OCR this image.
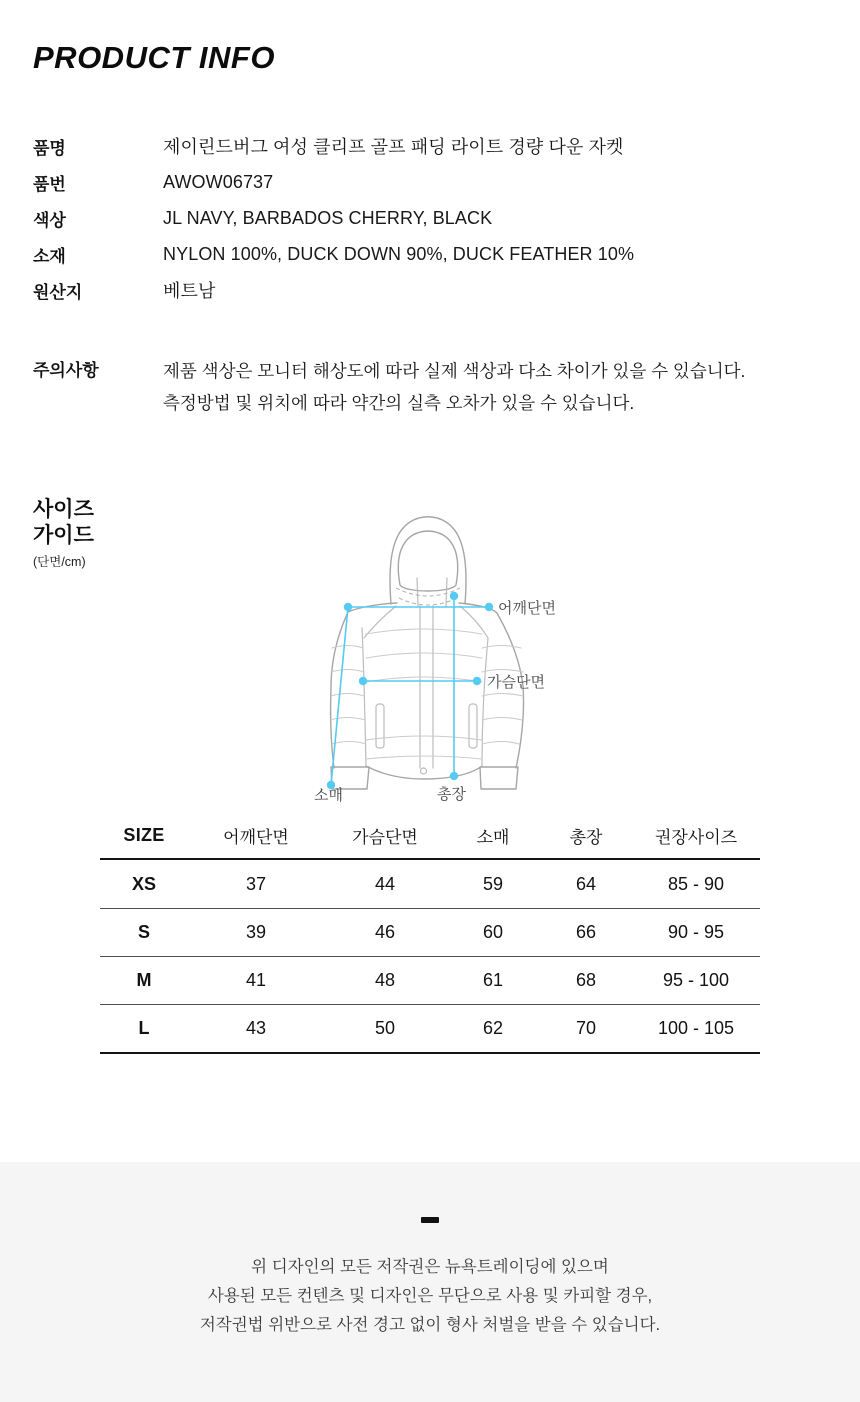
PRODUCT INFO
품명	제이린드버그 여성 클리프 골프 패딩 라이트 경량 다운 자켓
품번	AWOW06737
색상	JL NAVY, BARBADOS CHERRY, BLACK
소재	NYLON 100%, DUCK DOWN 90%, DUCK FEATHER 10%
원산지	베트남
주의사항	제품 색상은 모니터 해상도에 따라 실제 색상과 다소 차이가 있을 수 있습니다.
측정방법 및 위치에 따라 약간의 실측 오차가 있을 수 있습니다.
사이즈
가이드
(단면/cm)
어깨단면
가슴단면
소매	총장
SIZE	어깨단면	가슴단면	소매	총장	권장사이즈
XS	37	44	59	64	85 - 90
S	39	46	60	66	90 - 95
M	41	48	61	68	95 - 100
L	43	50	62	70	100 - 105
위 디자인의 모든 저작권은 뉴욕트레이딩에 있으며
사용된 모든 컨텐츠 및 디자인은 무단으로 사용 및 카피할 경우,
저작권법 위반으로 사전 경고 없이 형사 처벌을 받을 수 있습니다.
